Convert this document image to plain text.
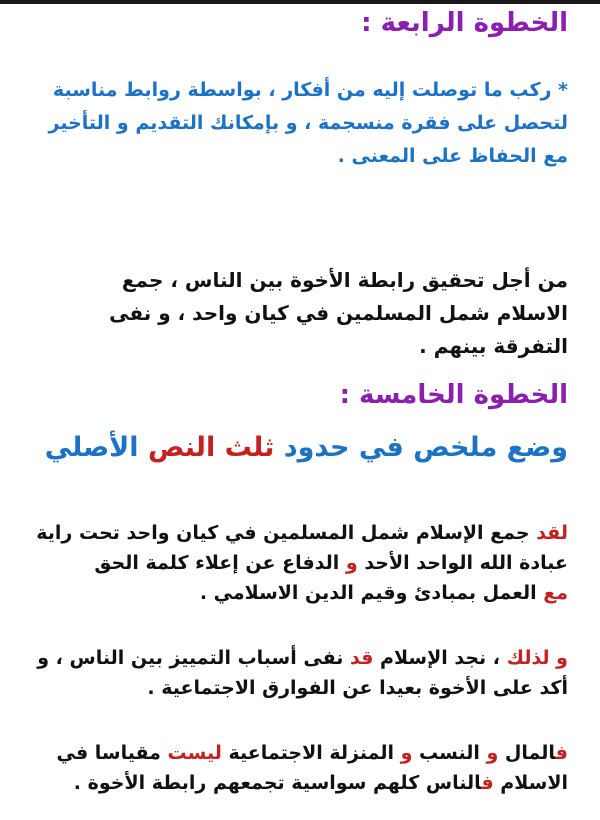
الخطوة الرابعة :
* ركب ما توصلت إليه من أفكار ، بواسطة روابط مناسبة
لتحصل على فقرة منسجمة ، و بإمكانك التقديم و التأخير
مع الحفاظ على المعنى .
من أجل تحقيق رابطة الأخوة بين الناس ، جمع
الاسلام شمل المسلمين في كيان واحد ، و نفى
التفرقة بينهم .
الخطوة الخامسة :
وضع ملخص في حدود ثلث النص الأصلي
لقد جمع الإسلام شمل المسلمين في كيان واحد تحت راية
عبادة الله الواحد الأحد و الدفاع عن إعلاء كلمة الحق
مع العمل بمبادئ وقيم الدين الاسلامي .
و لذلك ، نجد الإسلام قد نفى أسباب التمييز بين الناس ، و
أكد على الأخوة بعيدا عن الفوارق الاجتماعية .
فالمال و النسب و المنزلة الاجتماعية ليست مقياسا في
الاسلام فالناس كلهم سواسية تجمعهم رابطة الأخوة .
